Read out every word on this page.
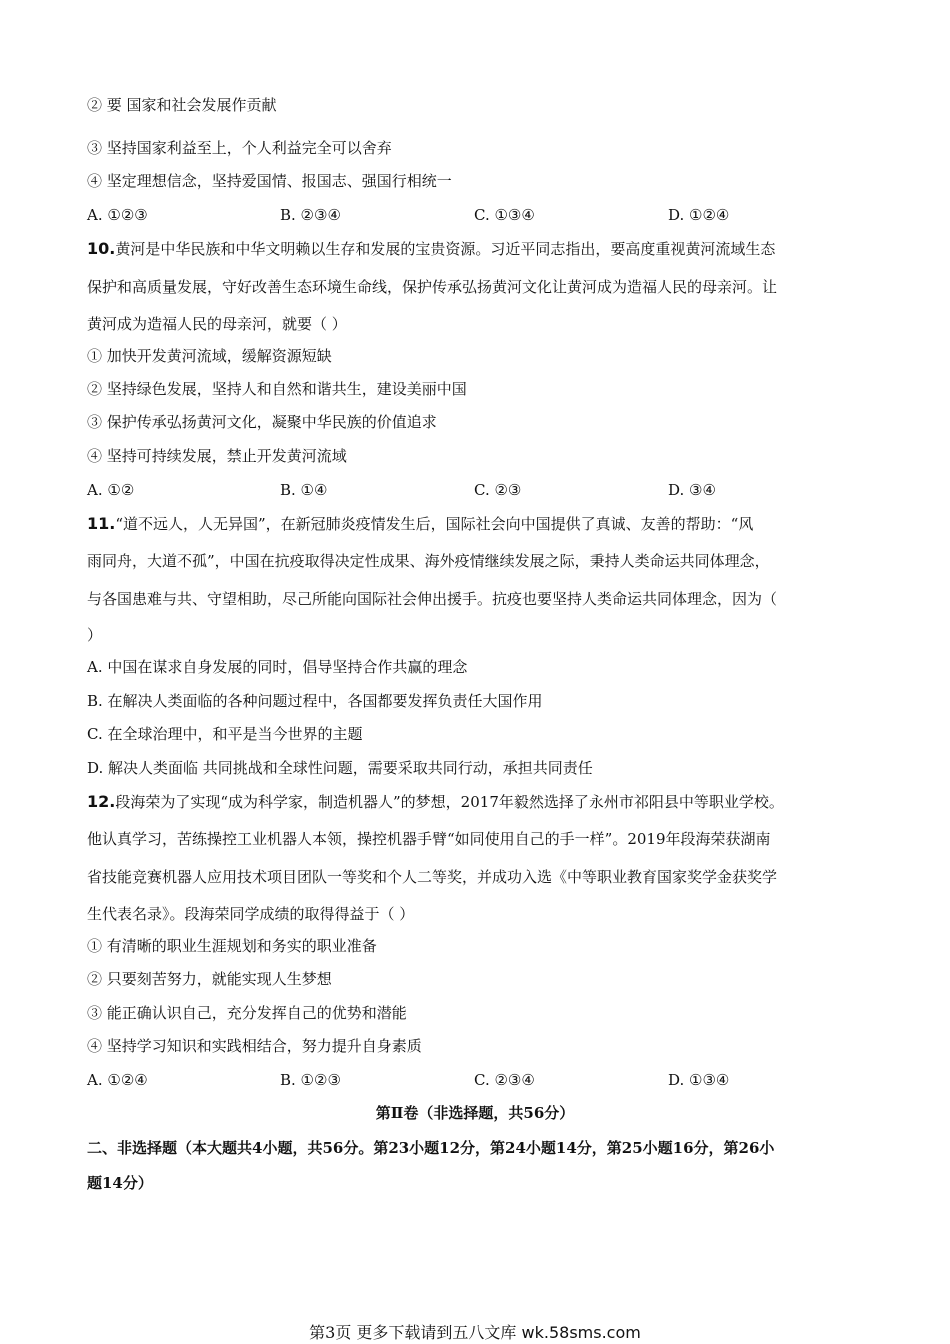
② 要 国家和社会发展作贡献
③ 坚持国家利益至上，个人利益完全可以舍弃
④ 坚定理想信念，坚持爱国情、报国志、强国行相统一
A. ①②③	B. ②③④	C. ①③④	D. ①②④
10.黄河是中华民族和中华文明赖以生存和发展的宝贵资源。习近平同志指出，要高度重视黄河流域生态
保护和高质量发展，守好改善生态环境生命线，保护传承弘扬黄河文化让黄河成为造福人民的母亲河。让
黄河成为造福人民的母亲河，就要（ ）
① 加快开发黄河流域，缓解资源短缺
② 坚持绿色发展，坚持人和自然和谐共生，建设美丽中国
③ 保护传承弘扬黄河文化，凝聚中华民族的价值追求
④ 坚持可持续发展，禁止开发黄河流域
A. ①②	B. ①④	C. ②③	D. ③④
11.“道不远人，人无异国”，在新冠肺炎疫情发生后，国际社会向中国提供了真诚、友善的帮助：“风
雨同舟，大道不孤”，中国在抗疫取得决定性成果、海外疫情继续发展之际，秉持人类命运共同体理念，
与各国患难与共、守望相助，尽己所能向国际社会伸出援手。抗疫也要坚持人类命运共同体理念，因为（
）
A. 中国在谋求自身发展的同时，倡导坚持合作共赢的理念
B. 在解决人类面临的各种问题过程中，各国都要发挥负责任大国作用
C. 在全球治理中，和平是当今世界的主题
D. 解决人类面临 共同挑战和全球性问题，需要采取共同行动，承担共同责任
12.段海荣为了实现“成为科学家，制造机器人”的梦想，2017年毅然选择了永州市祁阳县中等职业学校。
他认真学习，苦练操控工业机器人本领，操控机器手臂“如同使用自己的手一样”。2019年段海荣获湖南
省技能竞赛机器人应用技术项目团队一等奖和个人二等奖，并成功入选《中等职业教育国家奖学金获奖学
生代表名录》。段海荣同学成绩的取得得益于（ ）
① 有清晰的职业生涯规划和务实的职业准备
② 只要刻苦努力，就能实现人生梦想
③ 能正确认识自己，充分发挥自己的优势和潜能
④ 坚持学习知识和实践相结合，努力提升自身素质
A. ①②④	B. ①②③	C. ②③④	D. ①③④
第Ⅱ卷（非选择题，共56分）
二、非选择题（本大题共4小题，共56分。第23小题12分，第24小题14分，第25小题16分，第26小
题14分）
第3页 更多下载请到五八文库 wk.58sms.com
